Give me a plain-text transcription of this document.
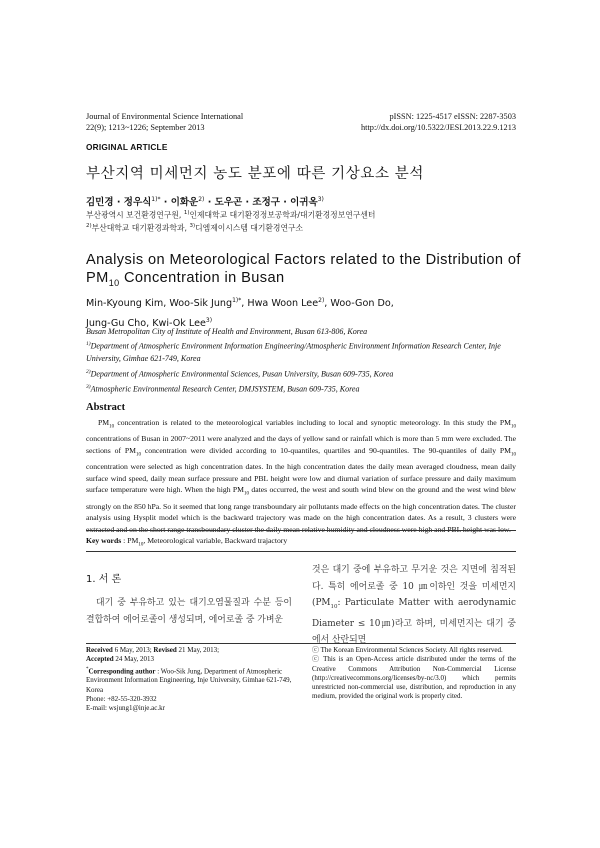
Journal of Environmental Science International
22(9); 1213~1226; September 2013
pISSN: 1225-4517 eISSN: 2287-3503
http://dx.doi.org/10.5322/JESI.2013.22.9.1213
ORIGINAL ARTICLE
부산지역 미세먼지 농도 분포에 따른 기상요소 분석
김민경 · 정우식$^{1)*}$ · 이화운$^{2)}$ · 도우곤 · 조정구 · 이귀옥$^{3)}$
부산광역시 보건환경연구원, $^{1)}$인제대학교 대기환경정보공학과/대기환경정보연구센터
$^{2)}$부산대학교 대기환경과학과, $^{3)}$디엠제이시스템 대기환경연구소
Analysis on Meteorological Factors related to the Distribution of
$PM_{10}$ Concentration in Busan
Min-Kyoung Kim, Woo-Sik Jung$^{1)*}$, Hwa Woon Lee$^{2)}$, Woo-Gon Do,
Jung-Gu Cho, Kwi-Ok Lee$^{3)}$
Busan Metropolitan City of Institute of Health and Environment, Busan 613-806, Korea
$^{1)}$Department of Atmospheric Environment Information Engineering/Atmospheric Environment Information Research Center, Inje University, Gimhae 621-749, Korea
$^{2)}$Department of Atmospheric Environmental Sciences, Pusan University, Busan 609-735, Korea
$^{3)}$Atmospheric Environmental Research Center, DMJSYSTEM, Busan 609-735, Korea
Abstract
$PM_{10}$ concentration is related to the meteorological variables including to local and synoptic meteorology. In this study the $PM_{10}$ concentrations of Busan in 2007~2011 were analyzed and the days of yellow sand or rainfall which is more than 5 mm were excluded. The sections of $PM_{10}$ concentration were divided according to 10-quantiles, quartiles and 90-quantiles. The 90-quantiles of daily $PM_{10}$ concentration were selected as high concentration dates. In the high concentration dates the daily mean averaged cloudness, mean daily surface wind speed, daily mean surface pressure and PBL height were low and diurnal variation of surface pressure and daily maximum surface temperature were high. When the high $PM_{10}$ dates occurred, the west and south wind blew on the ground and the west wind blew strongly on the 850 hPa. So it seemed that long range transboundary air pollutants made effects on the high concentration dates. The cluster analysis using Hysplit model which is the backward trajectory was made on the high concentration dates. As a result, 3 clusters were extracted and on the short range transboundary cluster the daily mean relative humidity and cloudness were high and PBL height was low.
Key words : $PM_{10}$, Meteorological variable, Backward trajactory
1. 서 론

대기 중 부유하고 있는 대기오염물질과 수분 등이 결합하여 에어로졸이 생성되며, 에어로졸 중 가벼운

것은 대기 중에 부유하고 무거운 것은 지면에 침적된다. 특히 에어로졸 중 10 ㎛이하인 것을 미세먼지($PM_{10}$: Particulate Matter with aerodynamic Diameter ≤ 10㎛)라고 하며, 미세먼지는 대기 중에서 산란되면

Received 6 May, 2013; Revised 21 May, 2013;
Accepted 24 May, 2013
*Corresponding author : Woo-Sik Jung, Department of Atmospheric Environment Information Engineering, Inje University, Gimhae 621-749, Korea
Phone: +82-55-320-3932
E-mail: wsjung1@inje.ac.kr
ⓒ The Korean Environmental Sciences Society. All rights reserved.
ⓒ This is an Open-Access article distributed under the terms of the Creative Commons Attribution Non-Commercial License (http://creativecommons.org/licenses/by-nc/3.0) which permits unrestricted non-commercial use, distribution, and reproduction in any medium, provided the original work is properly cited.
